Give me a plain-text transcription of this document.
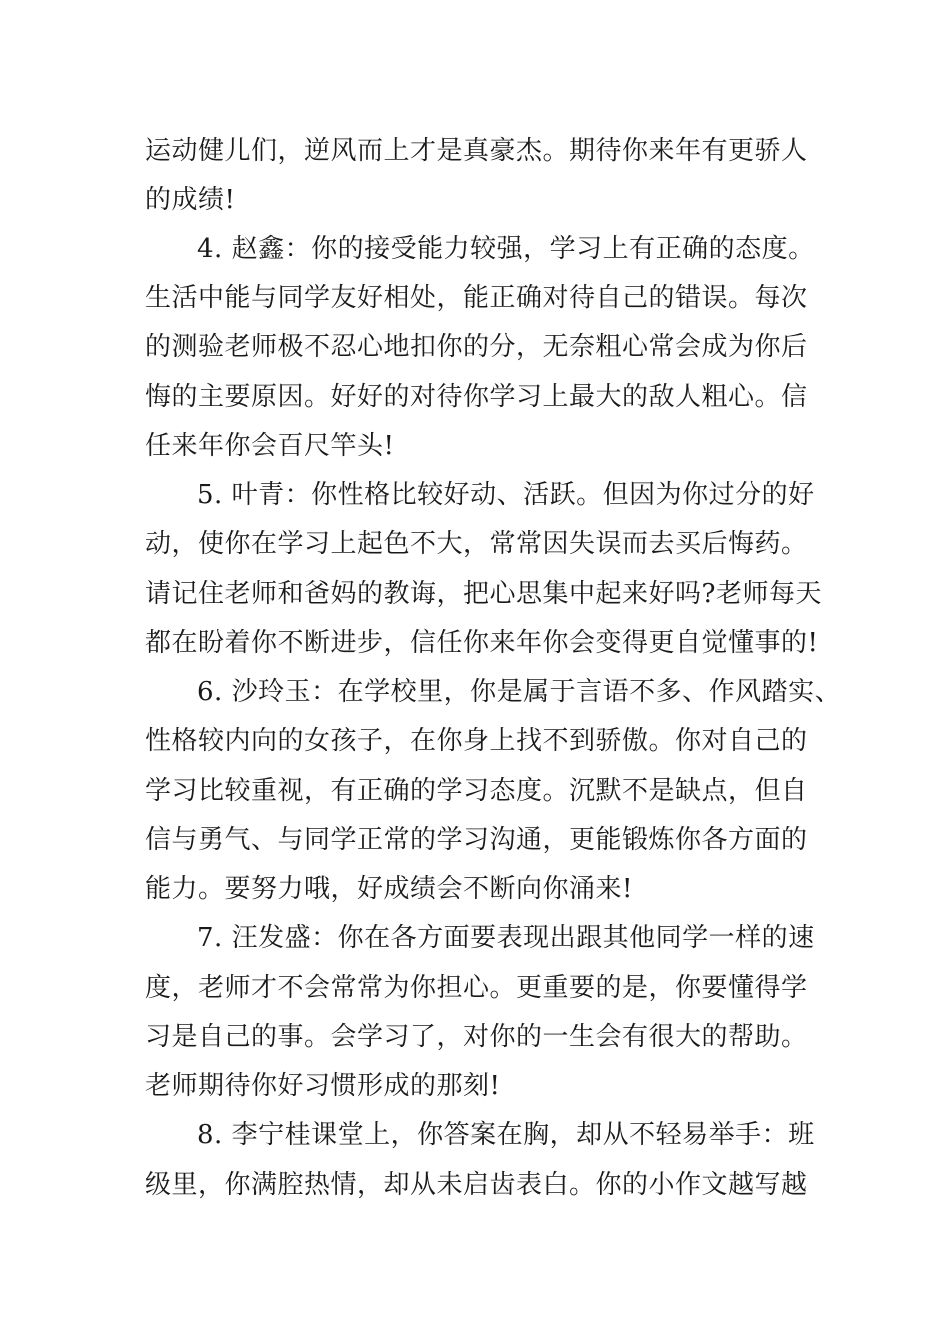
运动健儿们，逆风而上才是真豪杰。期待你来年有更骄人
的成绩!
4. 赵鑫：你的接受能力较强，学习上有正确的态度。
生活中能与同学友好相处，能正确对待自己的错误。每次
的测验老师极不忍心地扣你的分，无奈粗心常会成为你后
悔的主要原因。好好的对待你学习上最大的敌人粗心。信
任来年你会百尺竿头!
5. 叶青：你性格比较好动、活跃。但因为你过分的好
动，使你在学习上起色不大，常常因失误而去买后悔药。
请记住老师和爸妈的教诲，把心思集中起来好吗?老师每天
都在盼着你不断进步，信任你来年你会变得更自觉懂事的!
6. 沙玲玉：在学校里，你是属于言语不多、作风踏实、
性格较内向的女孩子，在你身上找不到骄傲。你对自己的
学习比较重视，有正确的学习态度。沉默不是缺点，但自
信与勇气、与同学正常的学习沟通，更能锻炼你各方面的
能力。要努力哦，好成绩会不断向你涌来!
7. 汪发盛：你在各方面要表现出跟其他同学一样的速
度，老师才不会常常为你担心。更重要的是，你要懂得学
习是自己的事。会学习了，对你的一生会有很大的帮助。
老师期待你好习惯形成的那刻!
8. 李宁桂课堂上，你答案在胸，却从不轻易举手：班
级里，你满腔热情，却从未启齿表白。你的小作文越写越
